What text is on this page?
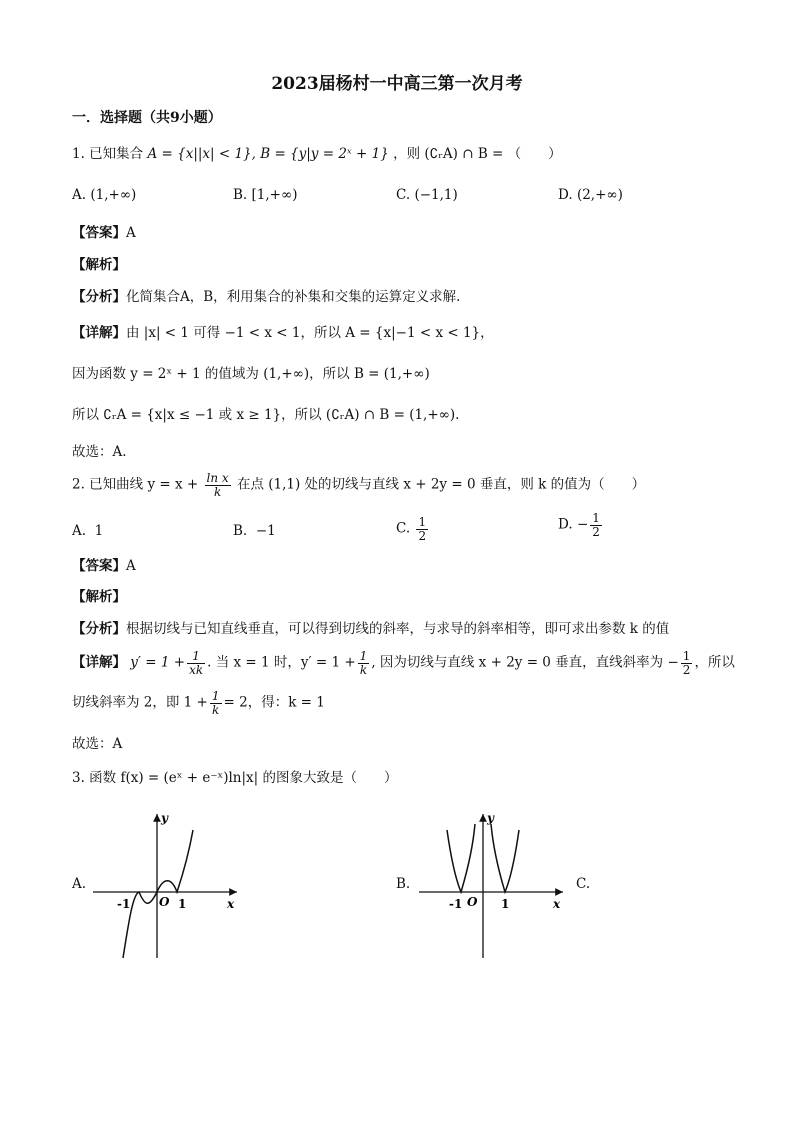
2023届杨村一中高三第一次月考
一．选择题（共9小题）
1. 已知集合 A = {x||x| < 1}, B = {y|y = 2ˣ + 1} ，则 (∁ᵣA) ∩ B = （　　）
A. (1,+∞)	B. [1,+∞)	C. (−1,1)	D. (2,+∞)
【答案】A
【解析】
【分析】化简集合A，B，利用集合的补集和交集的运算定义求解.
【详解】由 |x| < 1 可得 −1 < x < 1，所以 A = {x|−1 < x < 1}，
因为函数 y = 2ˣ + 1 的值域为 (1,+∞)，所以 B = (1,+∞)
所以 ∁ᵣA = {x|x ≤ −1 或 x ≥ 1}，所以 (∁ᵣA) ∩ B = (1,+∞).
故选：A.
2. 已知曲线 $y = x + \frac{\text{ln x}}{k}$ 在点 (1,1) 处的切线与直线 x + 2y = 0 垂直，则 k 的值为（　　）
A. 1	B. −1	C. $\frac{1}{2}$	D. − $\frac{1}{2}$
【答案】A
【解析】
【分析】根据切线与已知直线垂直，可以得到切线的斜率，与求导的斜率相等，即可求出参数 k 的值
【详解】 $y' = 1 + \frac{1}{xk}$ . 当 x = 1 时，$y' = 1 + \frac{1}{k}$ , 因为切线与直线 x + 2y = 0 垂直，直线斜率为 − $\frac{1}{2}$ ，所以
切线斜率为 2，即 $1 + \frac{1}{k} = 2$，得：k = 1
故选：A
3. 函数 f(x) = (eˣ + e⁻ˣ)ln|x| 的图象大致是（　　）
A.
y
x
O
-1	1
B.
y
x
O
-1	1
C.
